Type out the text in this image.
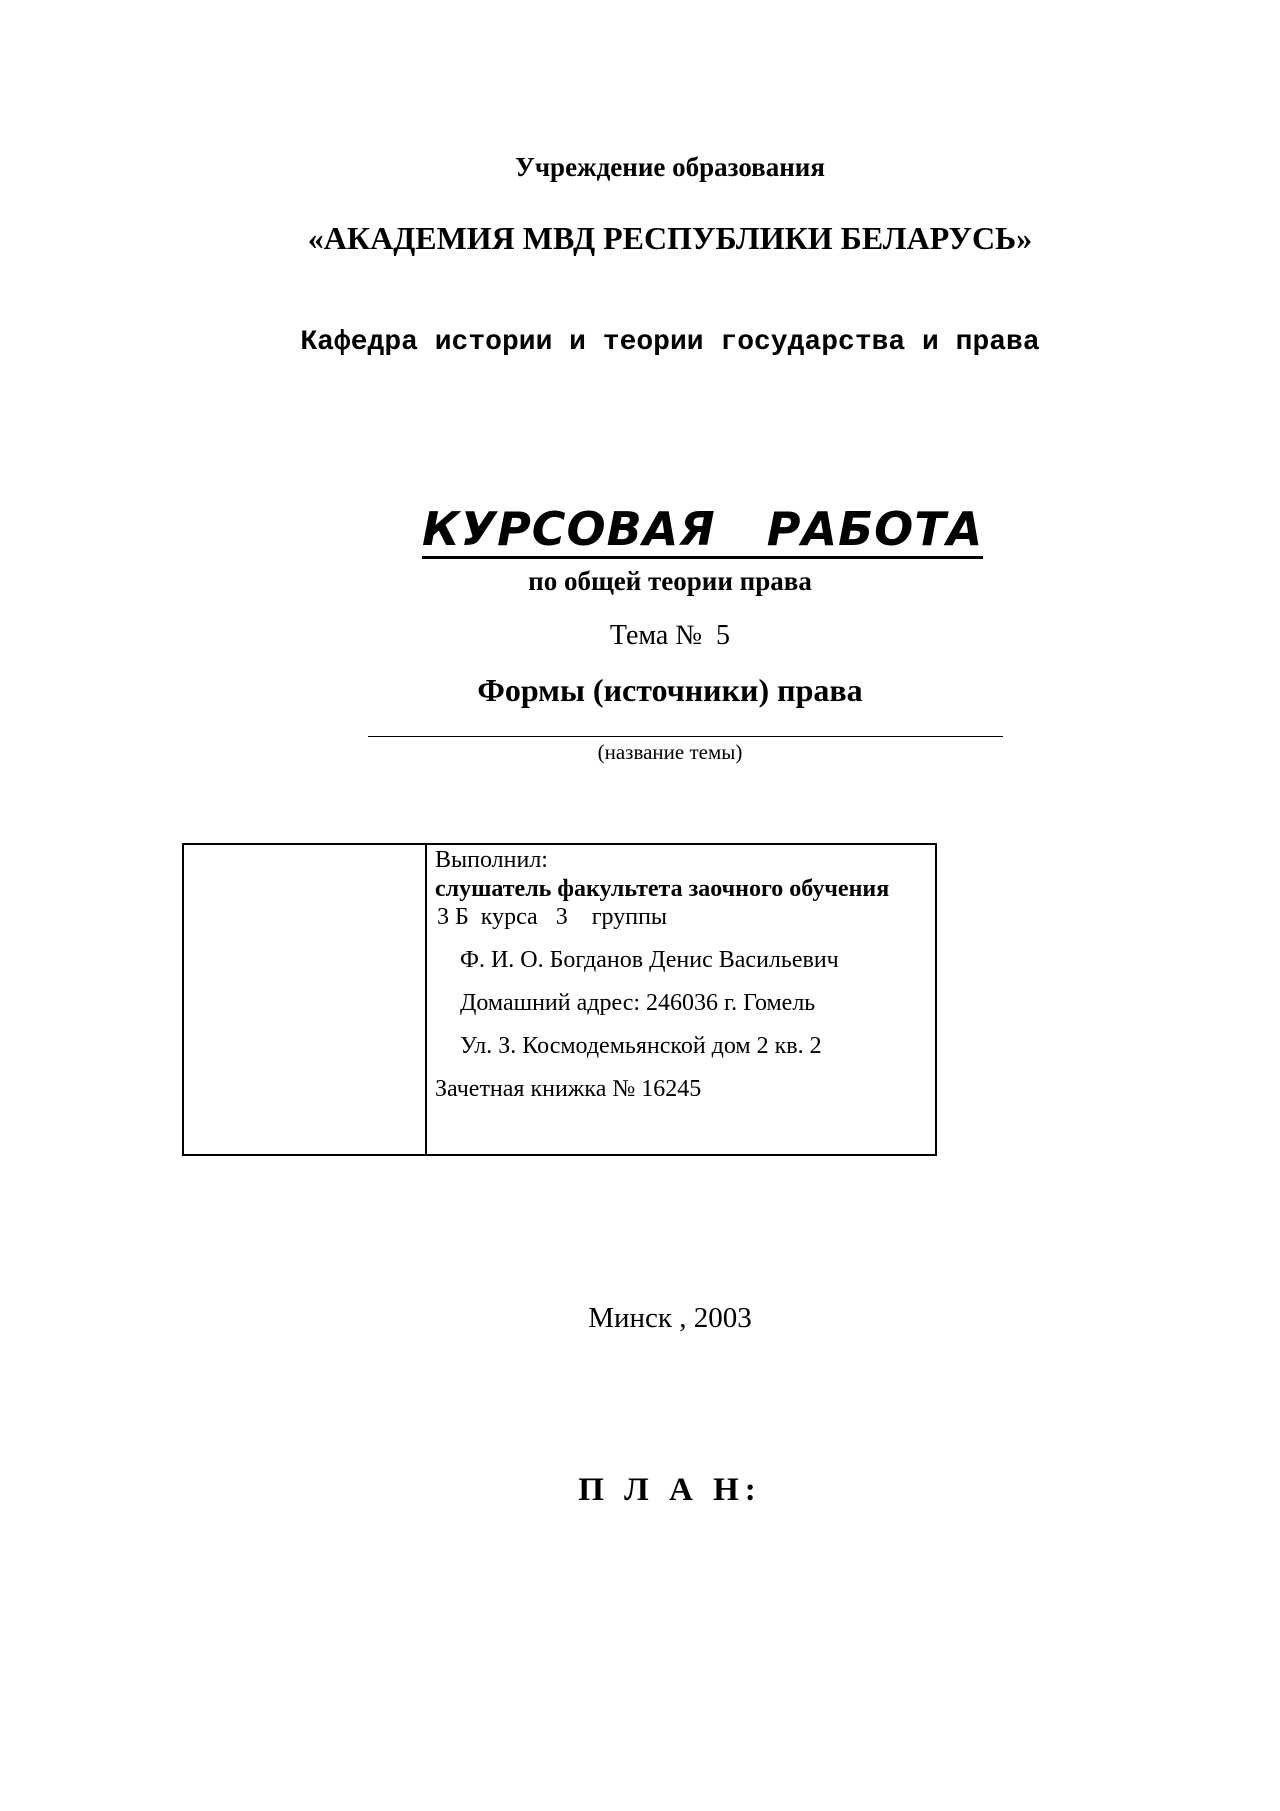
Учреждение образования
«АКАДЕМИЯ МВД РЕСПУБЛИКИ БЕЛАРУСЬ»
Кафедра истории и теории государства и права
КУРСОВАЯ   РАБОТА
по общей теории права
Тема №  5
Формы (источники) права
(название темы)
Выполнил:
слушатель факультета заочного обучения
3 Б  курса   3    группы
Ф. И. О. Богданов Денис Васильевич
Домашний адрес: 246036 г. Гомель
Ул. З. Космодемьянской дом 2 кв. 2
Зачетная книжка № 16245
Минск , 2003
П Л А Н:
